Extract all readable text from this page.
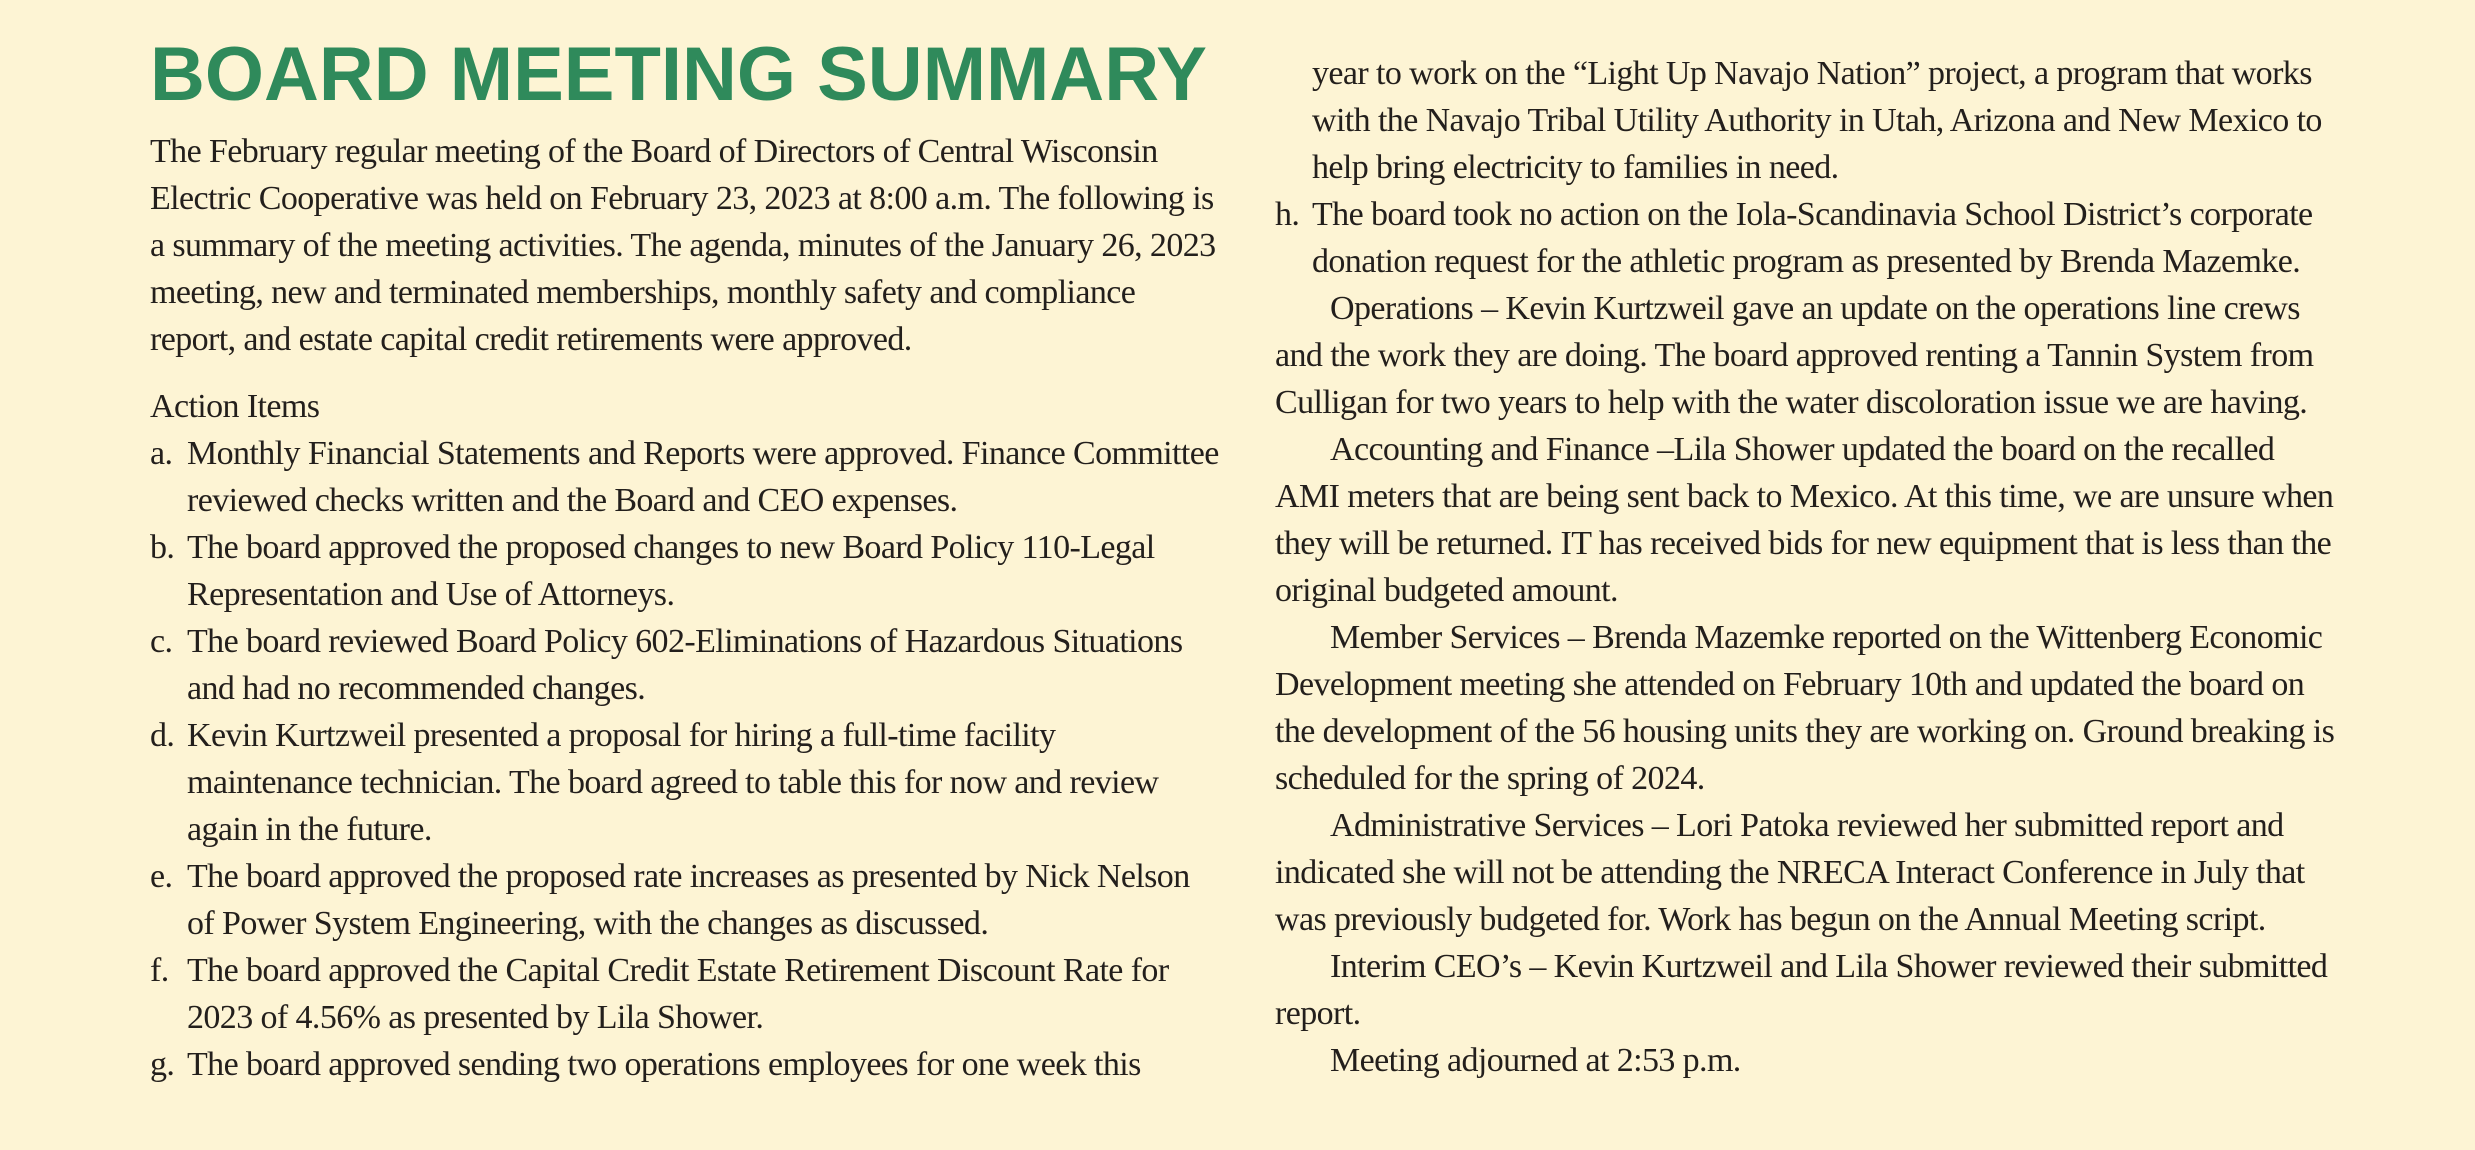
BOARD MEETING SUMMARY

The February regular meeting of the Board of Directors of Central Wisconsin Electric Cooperative was held on February 23, 2023 at 8:00 a.m. The following is a summary of the meeting activities. The agenda, minutes of the January 26, 2023 meeting, new and terminated memberships, monthly safety and compliance report, and estate capital credit retirements were approved.

Action Items
a. Monthly Financial Statements and Reports were approved. Finance Committee reviewed checks written and the Board and CEO expenses.
b. The board approved the proposed changes to new Board Policy 110-Legal Representation and Use of Attorneys.
c. The board reviewed Board Policy 602-Eliminations of Hazardous Situations and had no recommended changes.
d. Kevin Kurtzweil presented a proposal for hiring a full-time facility maintenance technician. The board agreed to table this for now and review again in the future.
e. The board approved the proposed rate increases as presented by Nick Nelson of Power System Engineering, with the changes as discussed.
f. The board approved the Capital Credit Estate Retirement Discount Rate for 2023 of 4.56% as presented by Lila Shower.
g. The board approved sending two operations employees for one week this
year to work on the “Light Up Navajo Nation” project, a program that works with the Navajo Tribal Utility Authority in Utah, Arizona and New Mexico to help bring electricity to families in need.
h. The board took no action on the Iola-Scandinavia School District’s corporate donation request for the athletic program as presented by Brenda Mazemke.

Operations – Kevin Kurtzweil gave an update on the operations line crews and the work they are doing. The board approved renting a Tannin System from Culligan for two years to help with the water discoloration issue we are having.

Accounting and Finance –Lila Shower updated the board on the recalled AMI meters that are being sent back to Mexico. At this time, we are unsure when they will be returned. IT has received bids for new equipment that is less than the original budgeted amount.

Member Services – Brenda Mazemke reported on the Wittenberg Economic Development meeting she attended on February 10th and updated the board on the development of the 56 housing units they are working on. Ground breaking is scheduled for the spring of 2024.

Administrative Services – Lori Patoka reviewed her submitted report and indicated she will not be attending the NRECA Interact Conference in July that was previously budgeted for. Work has begun on the Annual Meeting script.

Interim CEO’s – Kevin Kurtzweil and Lila Shower reviewed their submitted report.

Meeting adjourned at 2:53 p.m.
